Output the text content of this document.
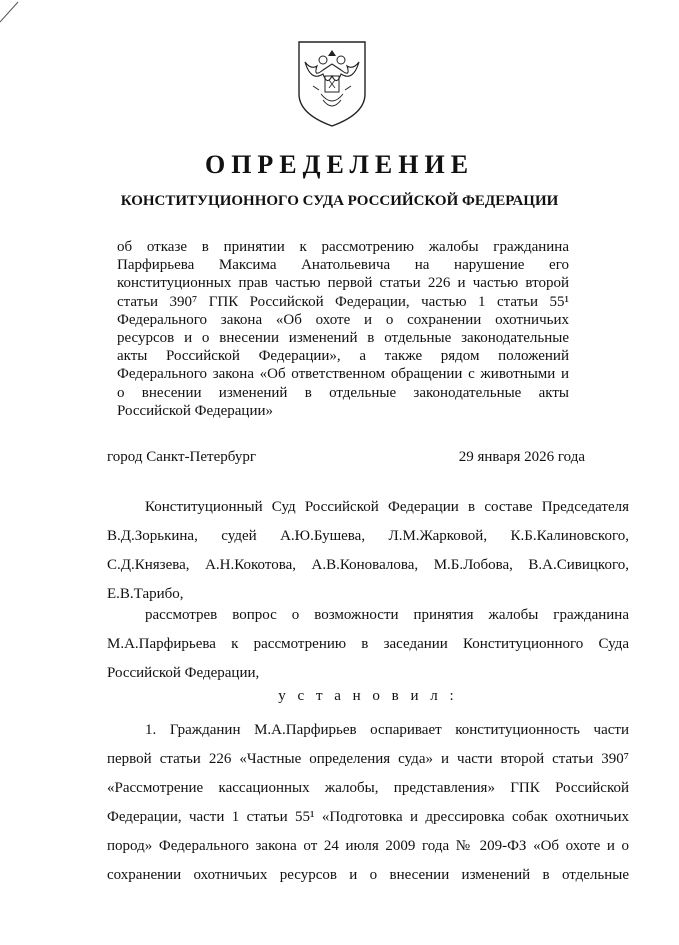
ОПРЕДЕЛЕНИЕ
КОНСТИТУЦИОННОГО СУДА РОССИЙСКОЙ ФЕДЕРАЦИИ
об отказе в принятии к рассмотрению жалобы гражданина
Парфирьева Максима Анатольевича на нарушение его
конституционных прав частью первой статьи 226 и частью второй
статьи 390⁷ ГПК Российской Федерации, частью 1 статьи 55¹
Федерального закона «Об охоте и о сохранении охотничьих
ресурсов и о внесении изменений в отдельные законодательные
акты Российской Федерации», а также рядом положений
Федерального закона «Об ответственном обращении с животными и
о внесении изменений в отдельные законодательные акты
Российской Федерации»
город Санкт-Петербург	29 января 2026 года
Конституционный Суд Российской Федерации в составе Председателя
В.Д.Зорькина, судей А.Ю.Бушева, Л.М.Жарковой, К.Б.Калиновского,
С.Д.Князева, А.Н.Кокотова, А.В.Коновалова, М.Б.Лобова, В.А.Сивицкого,
Е.В.Тарибо,
рассмотрев вопрос о возможности принятия жалобы гражданина
М.А.Парфирьева к рассмотрению в заседании Конституционного Суда
Российской Федерации,
у с т а н о в и л :
1. Гражданин М.А.Парфирьев оспаривает конституционность части
первой статьи 226 «Частные определения суда» и части второй статьи 390⁷
«Рассмотрение кассационных жалобы, представления» ГПК Российской
Федерации, части 1 статьи 55¹ «Подготовка и дрессировка собак охотничьих
пород» Федерального закона от 24 июля 2009 года № 209-ФЗ «Об охоте и о
сохранении охотничьих ресурсов и о внесении изменений в отдельные
